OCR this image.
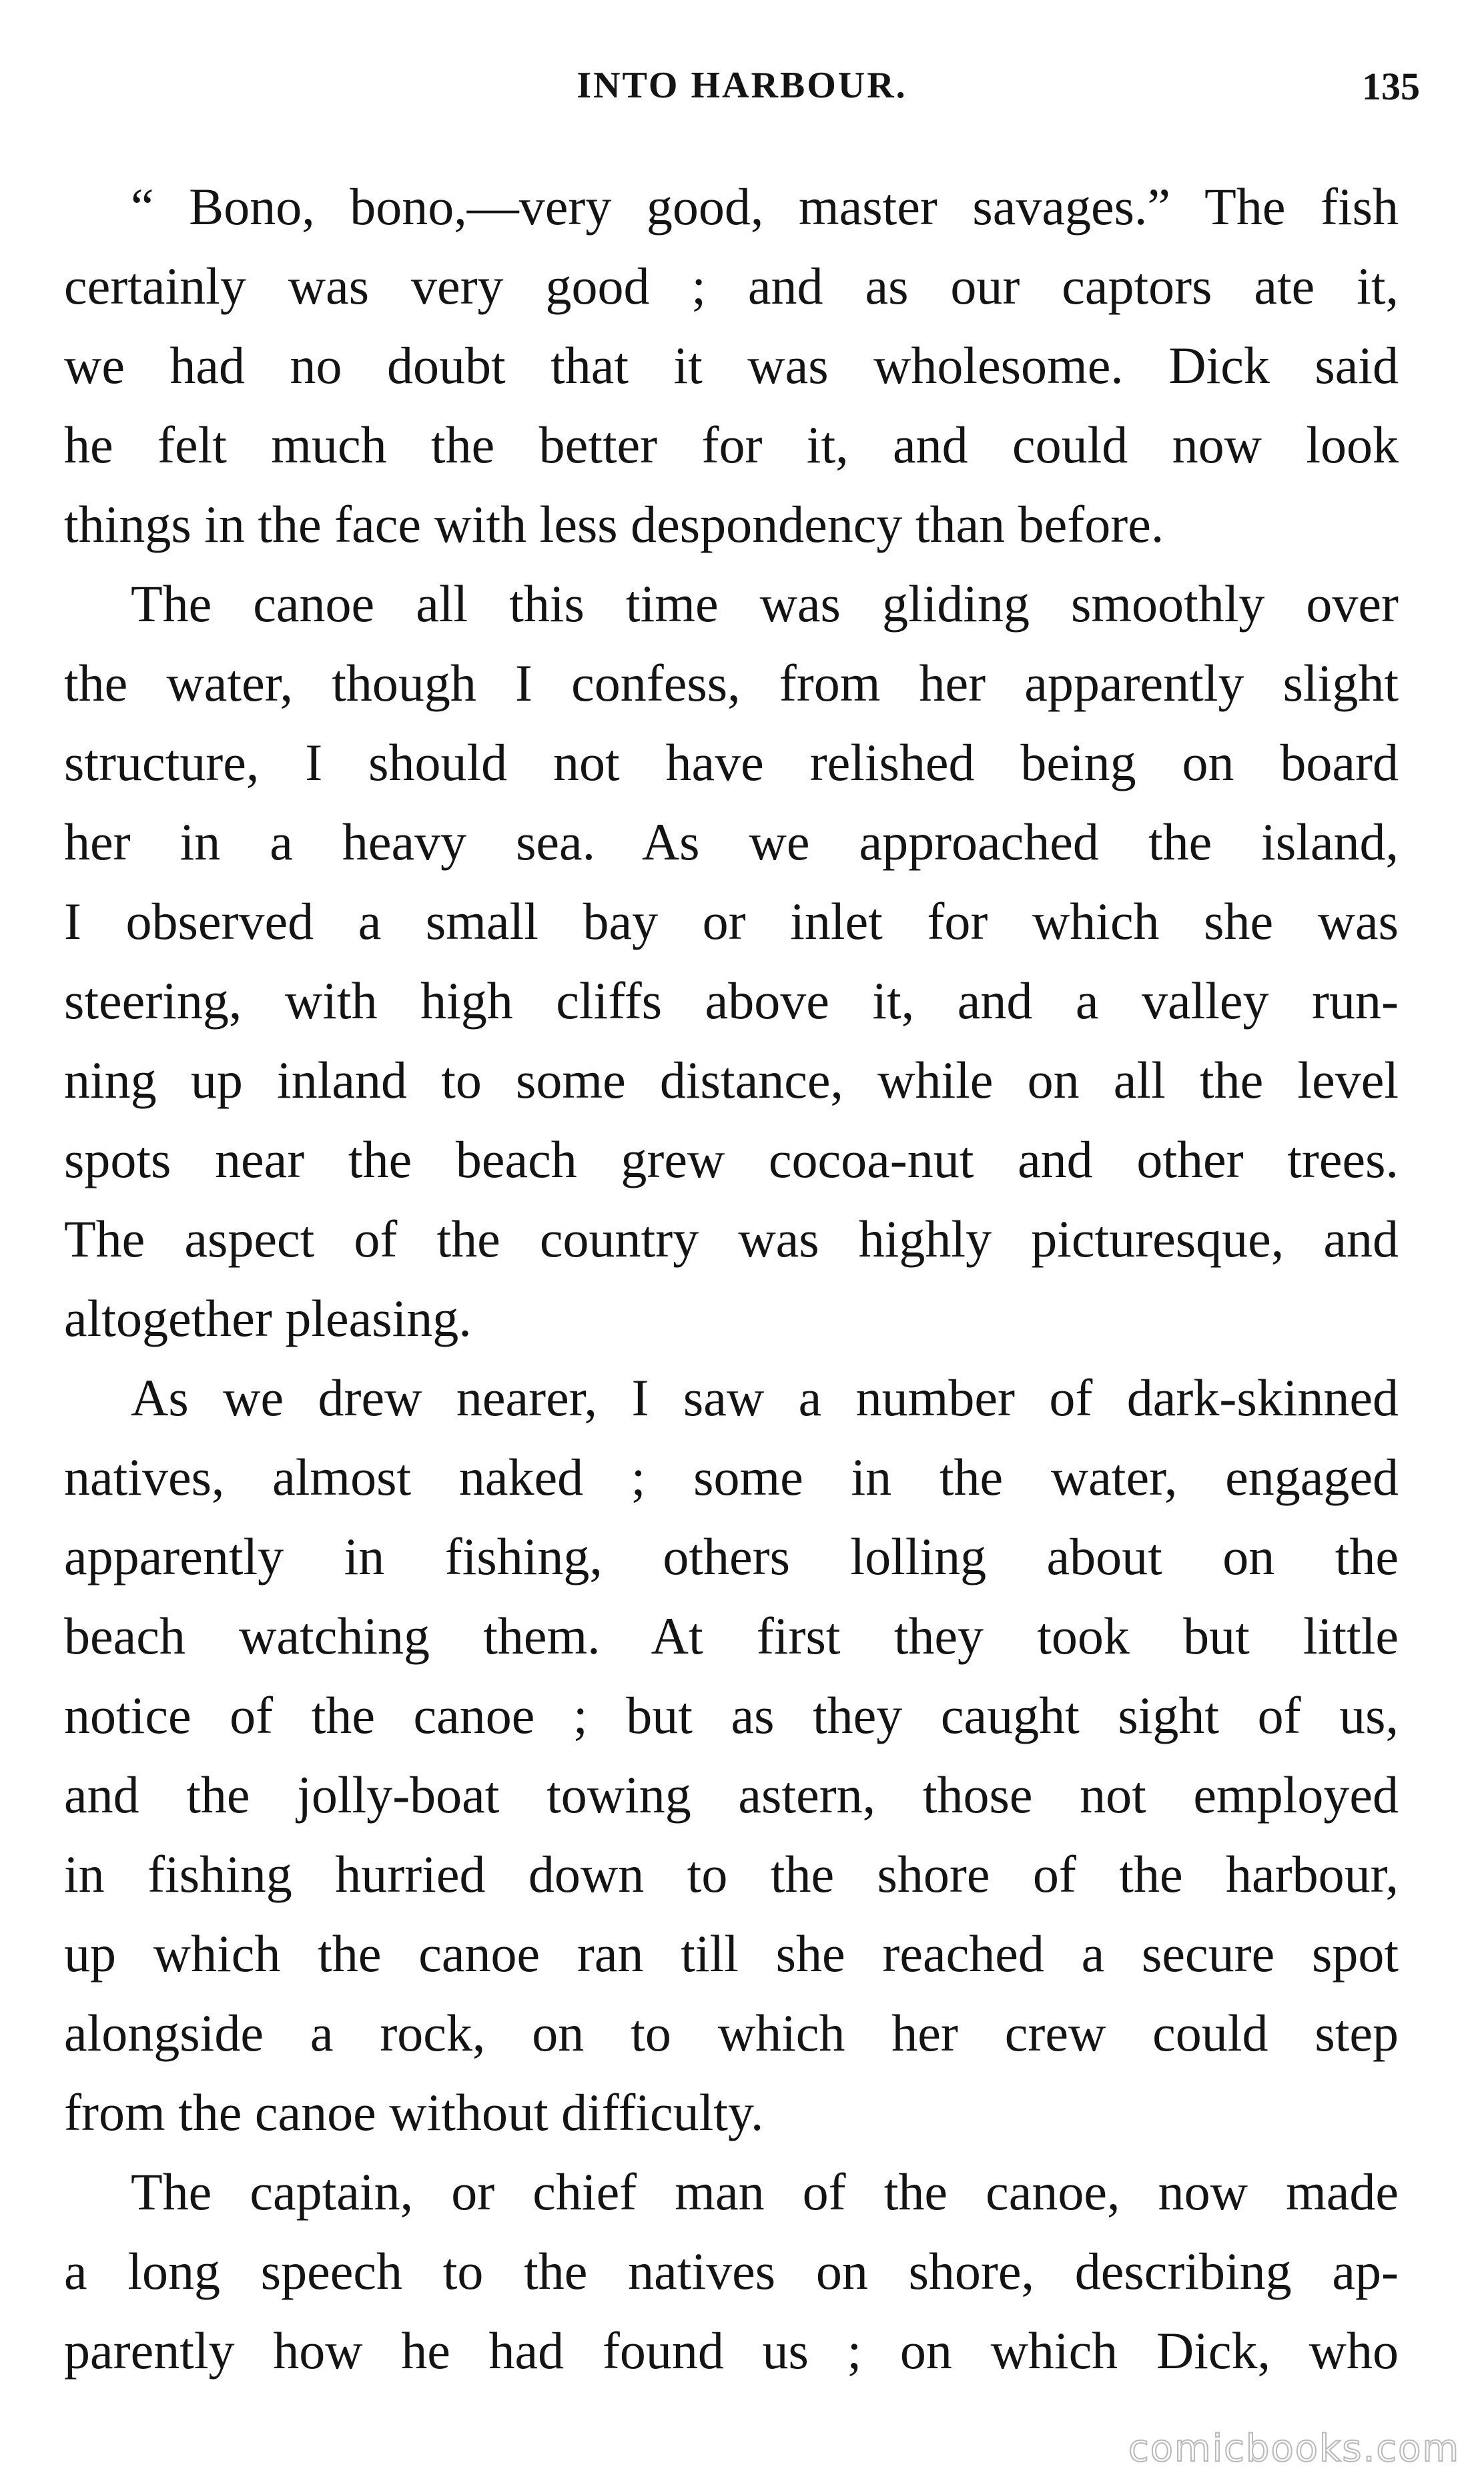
INTO HARBOUR.	135

“ Bono, bono,—very good, master savages.” The fish
certainly was very good ; and as our captors ate it,
we had no doubt that it was wholesome. Dick said
he felt much the better for it, and could now look
things in the face with less despondency than before.

The canoe all this time was gliding smoothly over
the water, though I confess, from her apparently slight
structure, I should not have relished being on board
her in a heavy sea. As we approached the island,
I observed a small bay or inlet for which she was
steering, with high cliffs above it, and a valley run-
ning up inland to some distance, while on all the level
spots near the beach grew cocoa-nut and other trees.
The aspect of the country was highly picturesque, and
altogether pleasing.

As we drew nearer, I saw a number of dark-skinned
natives, almost naked ; some in the water, engaged
apparently in fishing, others lolling about on the
beach watching them. At first they took but little
notice of the canoe ; but as they caught sight of us,
and the jolly-boat towing astern, those not employed
in fishing hurried down to the shore of the harbour,
up which the canoe ran till she reached a secure spot
alongside a rock, on to which her crew could step
from the canoe without difficulty.

The captain, or chief man of the canoe, now made
a long speech to the natives on shore, describing ap-
parently how he had found us ; on which Dick, who

comicbooks.com
